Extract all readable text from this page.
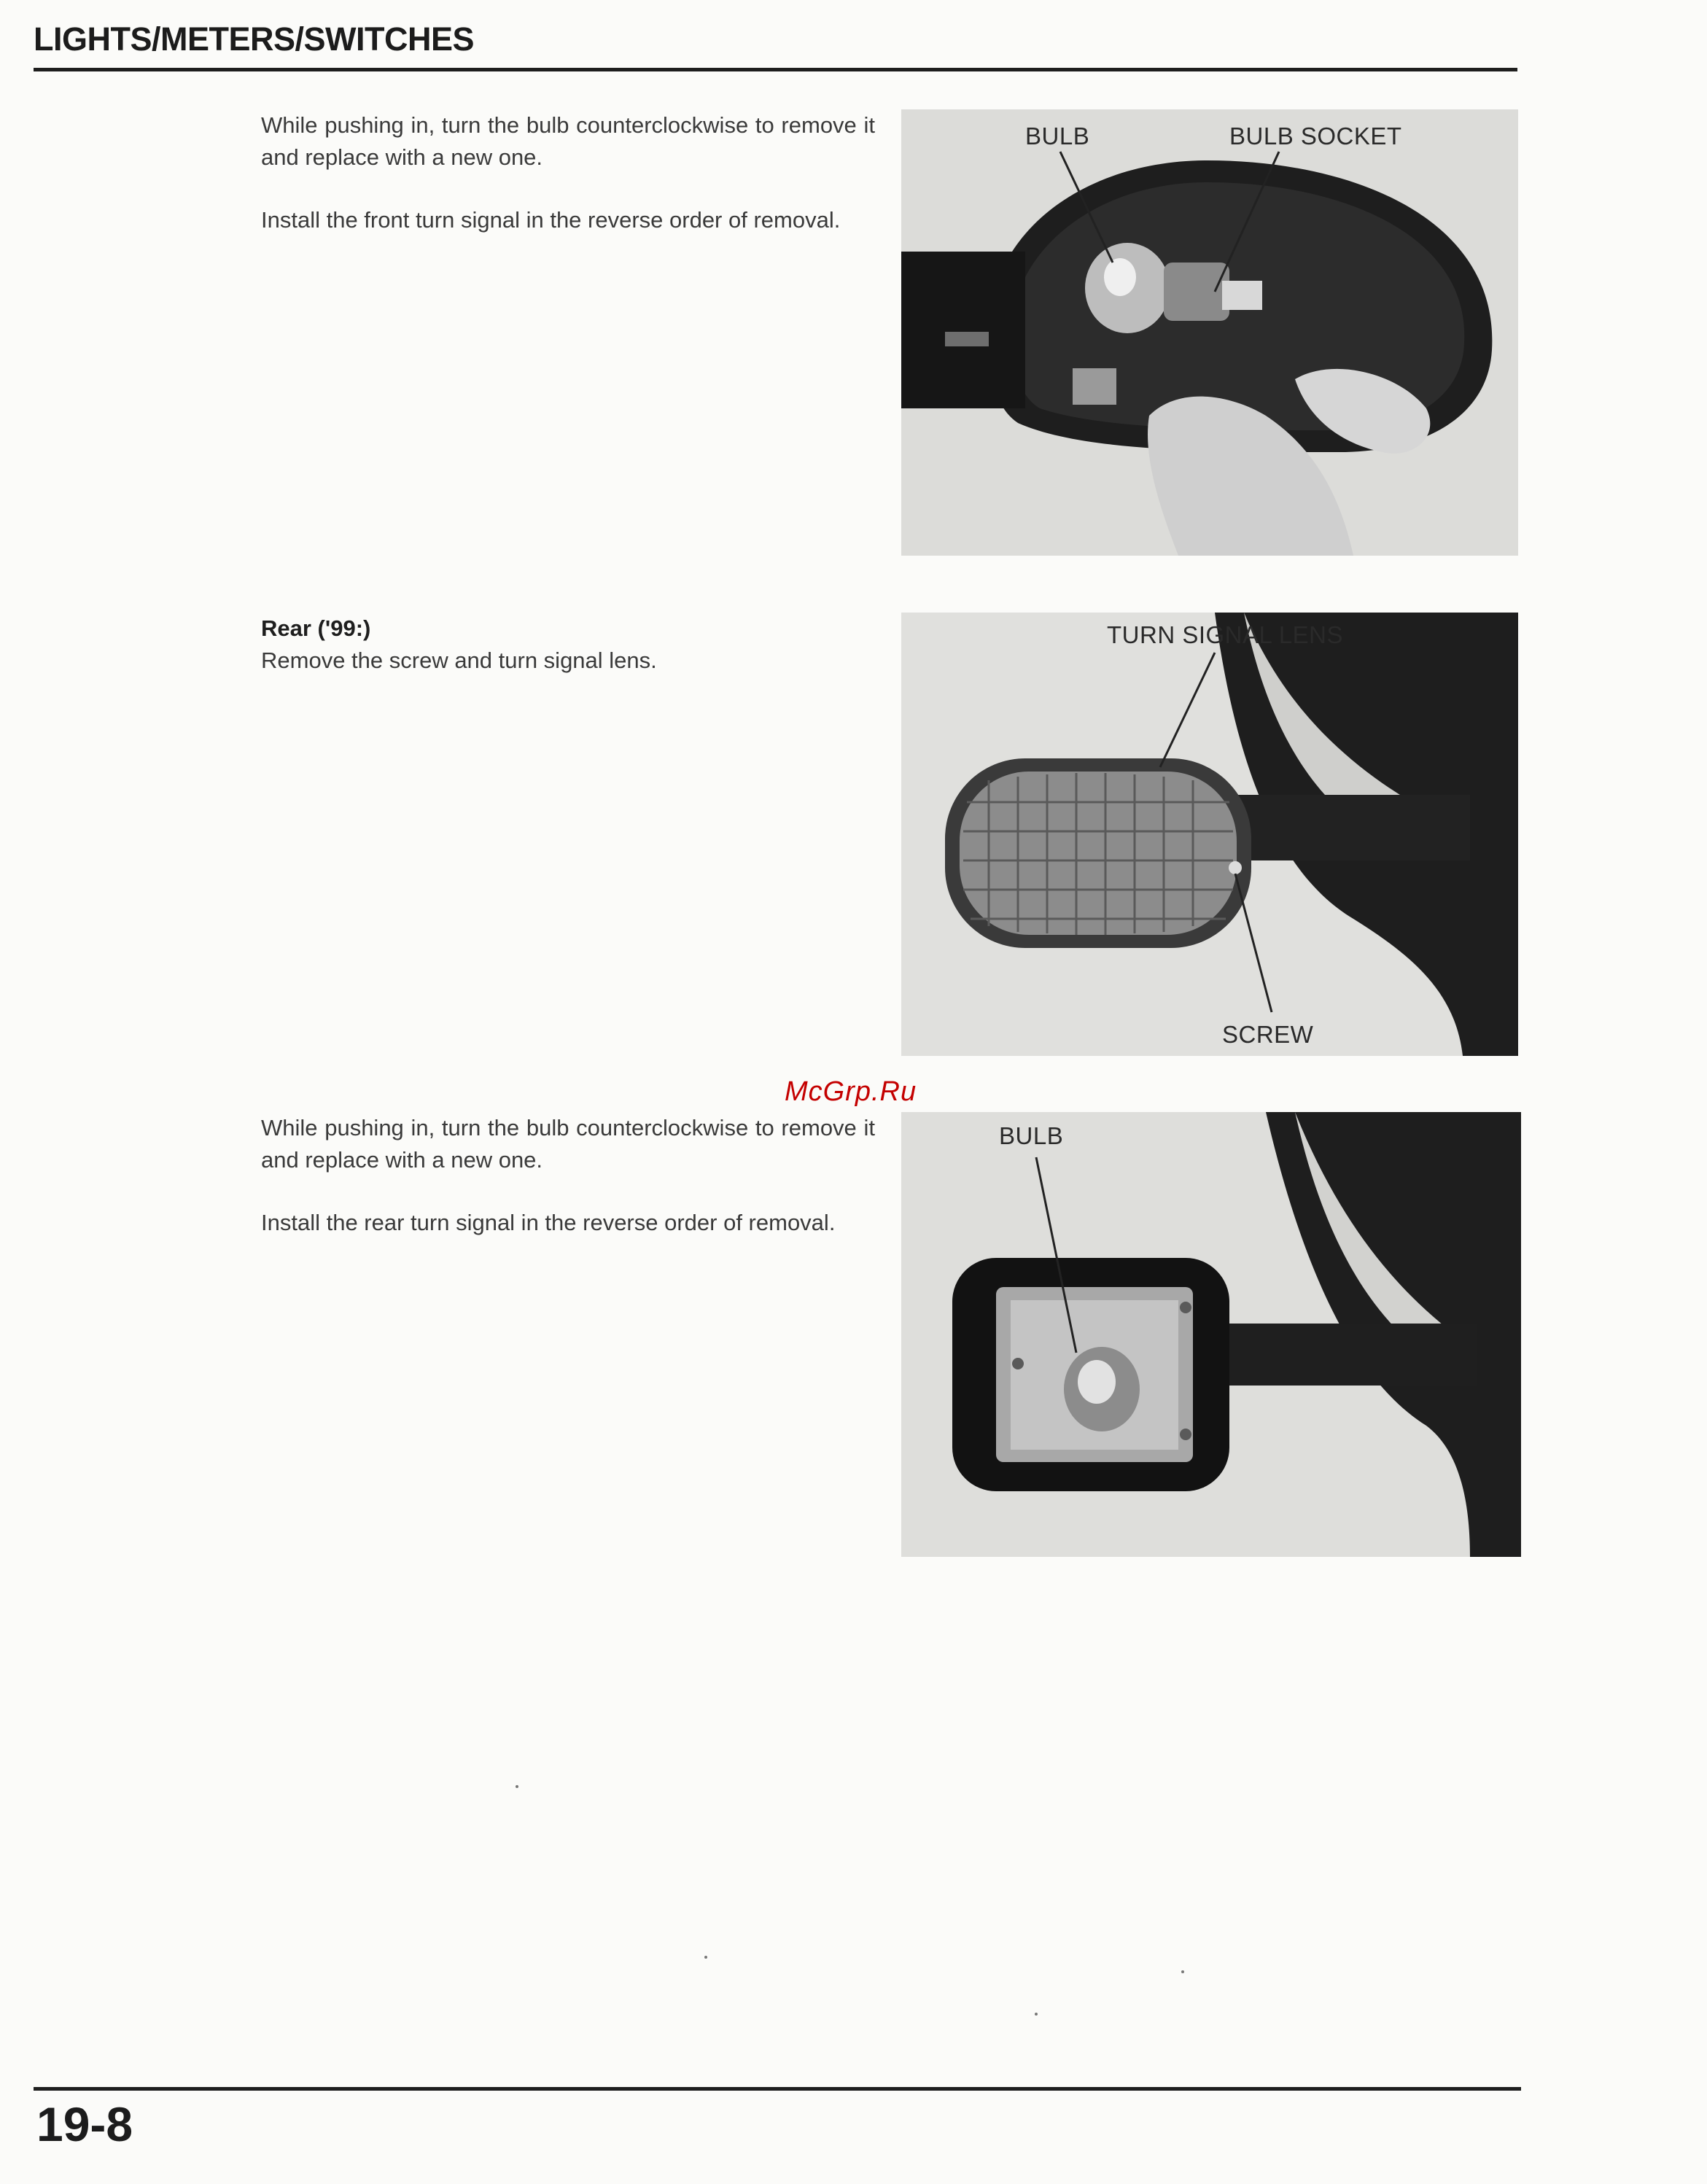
LIGHTS/METERS/SWITCHES

While pushing in, turn the bulb counterclockwise to remove it and replace with a new one.

Install the front turn signal in the reverse order of removal.

BULB	BULB SOCKET
Rear ('99:)

Remove the screw and turn signal lens.

TURN SIGNAL LENS
SCREW
McGrp.Ru

While pushing in, turn the bulb counterclockwise to remove it and replace with a new one.

Install the rear turn signal in the reverse order of removal.

BULB
19-8
